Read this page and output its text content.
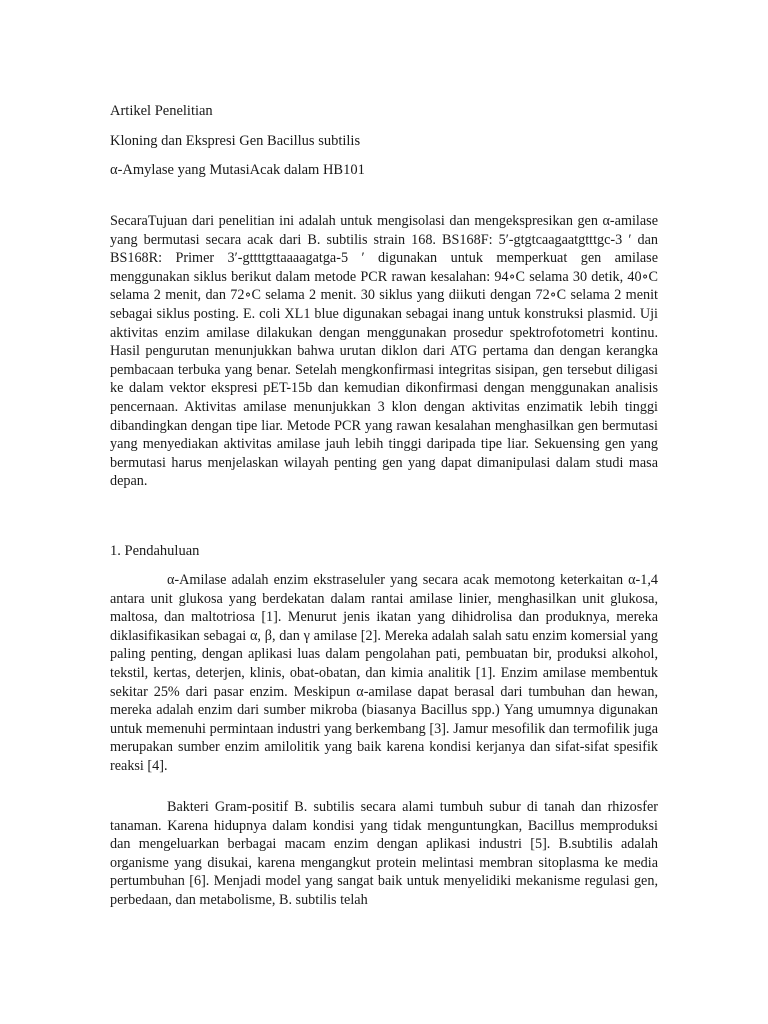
Artikel Penelitian
Kloning dan Ekspresi Gen Bacillus subtilis
α-Amylase yang MutasiAcak dalam HB101

SecaraTujuan dari penelitian ini adalah untuk mengisolasi dan mengekspresikan gen α-amilase yang bermutasi secara acak dari B. subtilis strain 168. BS168F: 5′-gtgtcaagaatgtttgc-3 ′ dan BS168R: Primer 3′-gttttgttaaaagatga-5 ′ digunakan untuk memperkuat gen amilase menggunakan siklus berikut dalam metode PCR rawan kesalahan: 94∘C selama 30 detik, 40∘C selama 2 menit, dan 72∘C selama 2 menit. 30 siklus yang diikuti dengan 72∘C selama 2 menit sebagai siklus posting. E. coli XL1 blue digunakan sebagai inang untuk konstruksi plasmid. Uji aktivitas enzim amilase dilakukan dengan menggunakan prosedur spektrofotometri kontinu. Hasil pengurutan menunjukkan bahwa urutan diklon dari ATG pertama dan dengan kerangka pembacaan terbuka yang benar. Setelah mengkonfirmasi integritas sisipan, gen tersebut diligasi ke dalam vektor ekspresi pET-15b dan kemudian dikonfirmasi dengan menggunakan analisis pencernaan. Aktivitas amilase menunjukkan 3 klon dengan aktivitas enzimatik lebih tinggi dibandingkan dengan tipe liar. Metode PCR yang rawan kesalahan menghasilkan gen bermutasi yang menyediakan aktivitas amilase jauh lebih tinggi daripada tipe liar. Sekuensing gen yang bermutasi harus menjelaskan wilayah penting gen yang dapat dimanipulasi dalam studi masa depan.

1. Pendahuluan

α-Amilase adalah enzim ekstraseluler yang secara acak memotong keterkaitan α-1,4 antara unit glukosa yang berdekatan dalam rantai amilase linier, menghasilkan unit glukosa, maltosa, dan maltotriosa [1]. Menurut jenis ikatan yang dihidrolisa dan produknya, mereka diklasifikasikan sebagai α, β, dan γ amilase [2]. Mereka adalah salah satu enzim komersial yang paling penting, dengan aplikasi luas dalam pengolahan pati, pembuatan bir, produksi alkohol, tekstil, kertas, deterjen, klinis, obat-obatan, dan kimia analitik [1]. Enzim amilase membentuk sekitar 25% dari pasar enzim. Meskipun α-amilase dapat berasal dari tumbuhan dan hewan, mereka adalah enzim dari sumber mikroba (biasanya Bacillus spp.) Yang umumnya digunakan untuk memenuhi permintaan industri yang berkembang [3]. Jamur mesofilik dan termofilik juga merupakan sumber enzim amilolitik yang baik karena kondisi kerjanya dan sifat-sifat spesifik reaksi [4].

Bakteri Gram-positif B. subtilis secara alami tumbuh subur di tanah dan rhizosfer tanaman. Karena hidupnya dalam kondisi yang tidak menguntungkan, Bacillus memproduksi dan mengeluarkan berbagai macam enzim dengan aplikasi industri [5]. B.subtilis adalah organisme yang disukai, karena mengangkut protein melintasi membran sitoplasma ke media pertumbuhan [6]. Menjadi model yang sangat baik untuk menyelidiki mekanisme regulasi gen, perbedaan, dan metabolisme, B. subtilis telah
